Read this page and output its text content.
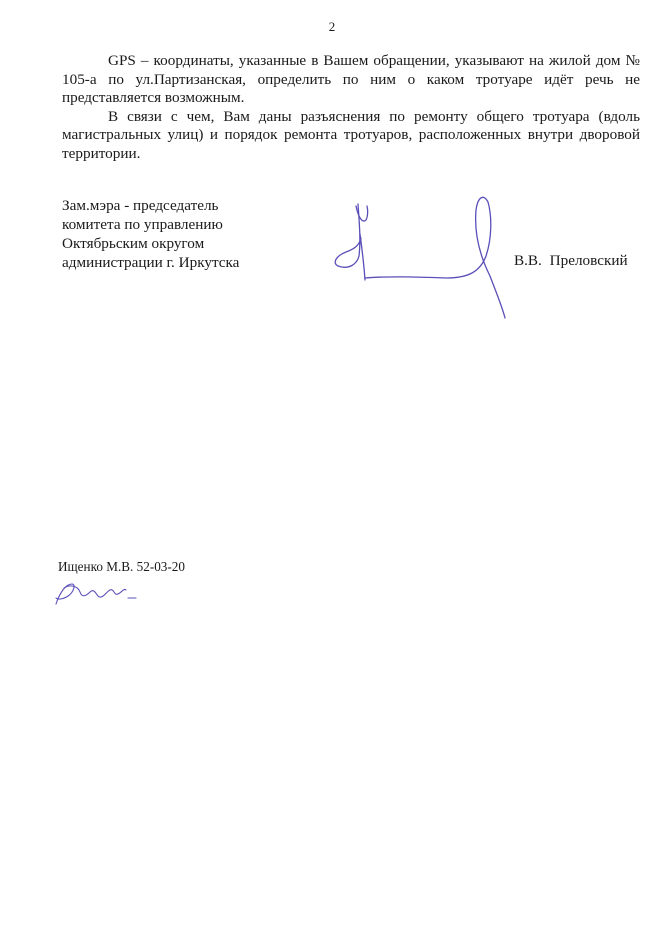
2

GPS – координаты, указанные в Вашем обращении, указывают на жилой дом № 105-а по ул.Партизанская, определить по ним о каком тротуаре идёт речь не представляется возможным.

В связи с чем, Вам даны разъяснения по ремонту общего тротуара (вдоль магистральных улиц) и порядок ремонта тротуаров, расположенных внутри дворовой территории.

Зам.мэра - председатель
комитета по управлению
Октябрьским округом
администрации г. Иркутска	В.В. Преловский
Ищенко М.В. 52-03-20
